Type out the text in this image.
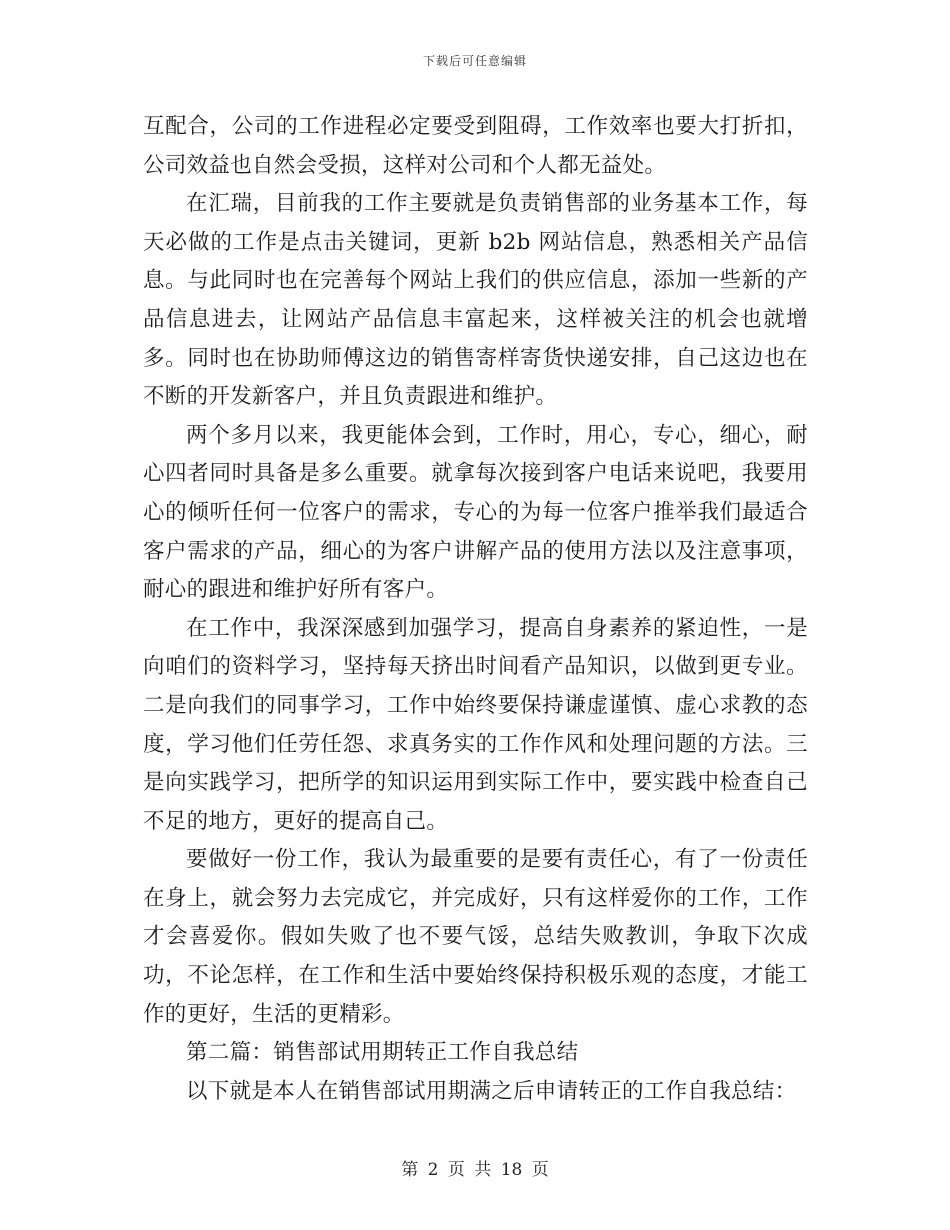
下载后可任意编辑

互配合，公司的工作进程必定要受到阻碍，工作效率也要大打折扣，公司效益也自然会受损，这样对公司和个人都无益处。

在汇瑞，目前我的工作主要就是负责销售部的业务基本工作，每天必做的工作是点击关键词，更新 b2b 网站信息，熟悉相关产品信息。与此同时也在完善每个网站上我们的供应信息，添加一些新的产品信息进去，让网站产品信息丰富起来，这样被关注的机会也就增多。同时也在协助师傅这边的销售寄样寄货快递安排，自己这边也在不断的开发新客户，并且负责跟进和维护。

两个多月以来，我更能体会到，工作时，用心，专心，细心，耐心四者同时具备是多么重要。就拿每次接到客户电话来说吧，我要用心的倾听任何一位客户的需求，专心的为每一位客户推举我们最适合客户需求的产品，细心的为客户讲解产品的使用方法以及注意事项，耐心的跟进和维护好所有客户。

在工作中，我深深感到加强学习，提高自身素养的紧迫性，一是向咱们的资料学习，坚持每天挤出时间看产品知识，以做到更专业。二是向我们的同事学习，工作中始终要保持谦虚谨慎、虚心求教的态度，学习他们任劳任怨、求真务实的工作作风和处理问题的方法。三是向实践学习，把所学的知识运用到实际工作中，要实践中检查自己不足的地方，更好的提高自己。

要做好一份工作，我认为最重要的是要有责任心，有了一份责任在身上，就会努力去完成它，并完成好，只有这样爱你的工作，工作才会喜爱你。假如失败了也不要气馁，总结失败教训，争取下次成功，不论怎样，在工作和生活中要始终保持积极乐观的态度，才能工作的更好，生活的更精彩。

第二篇：销售部试用期转正工作自我总结

以下就是本人在销售部试用期满之后申请转正的工作自我总结：

第 2 页 共 18 页
